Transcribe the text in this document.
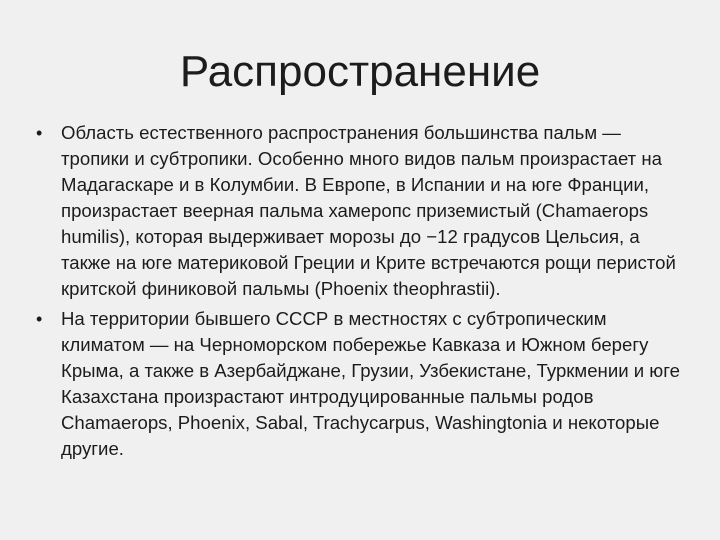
Распространение
•	Область естественного распространения большинства пальм — тропики и субтропики. Особенно много видов пальм произрастает на Мадагаскаре и в Колумбии. В Европе, в Испании и на юге Франции, произрастает веерная пальма хамеропс приземистый (Chamaerops humilis), которая выдерживает морозы до −12 градусов Цельсия, а также на юге материковой Греции и Крите встречаются рощи перистой критской финиковой пальмы (Phoenix theophrastii).
•	На территории бывшего СССР в местностях с субтропическим климатом — на Черноморском побережье Кавказа и Южном берегу Крыма, а также в Азербайджане, Грузии, Узбекистане, Туркмении и юге Казахстана произрастают интродуцированные пальмы родов Chamaerops, Phoenix, Sabal, Trachycarpus, Washingtonia и некоторые другие.
